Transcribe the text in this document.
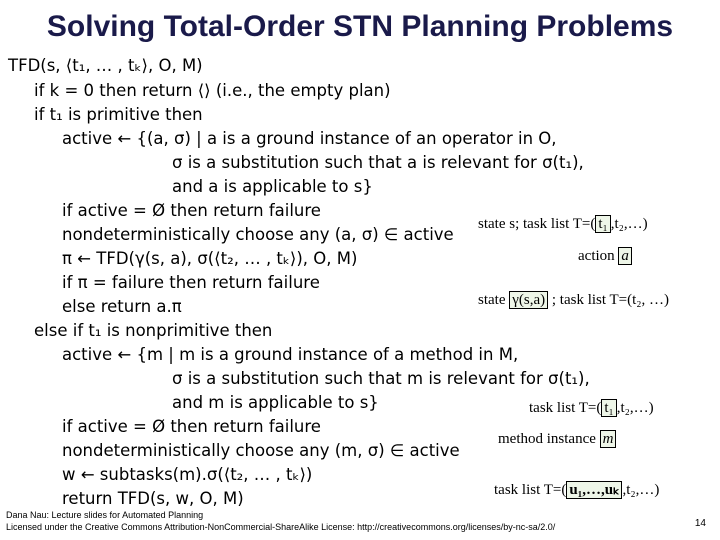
Solving Total-Order STN Planning Problems
TFD(s, ⟨t₁, … , tₖ⟩, O, M)
if k = 0 then return ⟨⟩ (i.e., the empty plan)
if t₁ is primitive then
active ← {(a, σ) | a is a ground instance of an operator in O,
σ is a substitution such that a is relevant for σ(t₁),
and a is applicable to s}
if active = Ø then return failure
nondeterministically choose any (a, σ) ∈ active
π ← TFD(γ(s, a), σ(⟨t₂, … , tₖ⟩), O, M)
if π = failure then return failure
else return a.π
else if t₁ is nonprimitive then
active ← {m | m is a ground instance of a method in M,
σ is a substitution such that m is relevant for σ(t₁),
and m is applicable to s}
if active = Ø then return failure
nondeterministically choose any (m, σ) ∈ active
w ← subtasks(m).σ(⟨t₂, … , tₖ⟩)
return TFD(s, w, O, M)
state s; task list T=( t₁ ,t₂,…)
action a
state γ(s,a) ; task list T=(t₂, …)
task list T=( t₁ ,t₂,…)
method instance m
task list T=( u₁,…,uₖ ,t₂,…)
Dana Nau: Lecture slides for Automated Planning
Licensed under the Creative Commons Attribution-NonCommercial-ShareAlike License: http://creativecommons.org/licenses/by-nc-sa/2.0/	14
